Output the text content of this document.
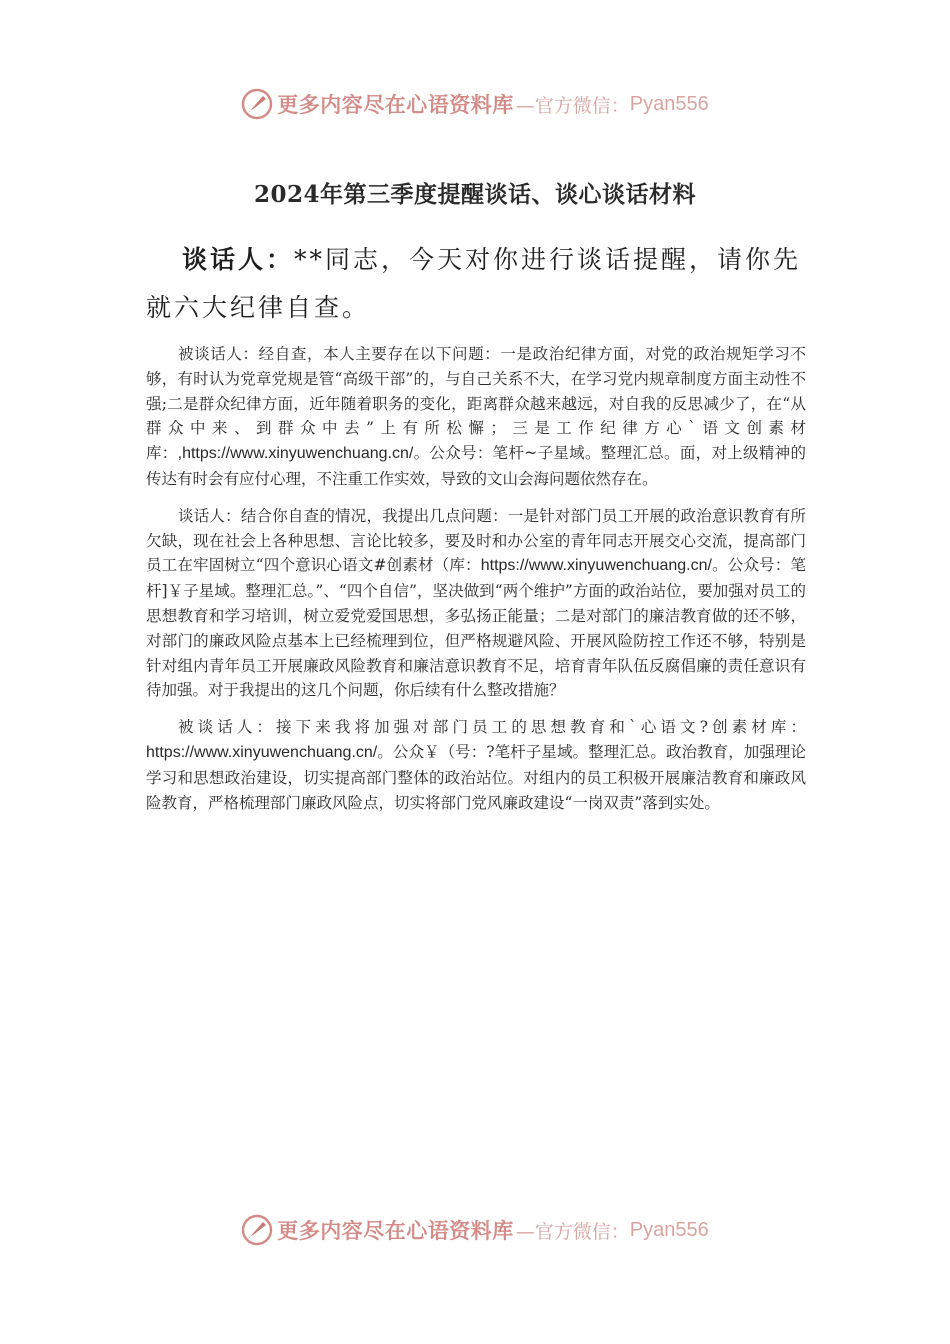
更多内容尽在心语资料库 —官方微信： Pyan556
2024年第三季度提醒谈话、谈心谈话材料
谈话人：**同志，今天对你进行谈话提醒，请你先就六大纪律自查。

被谈话人：经自查，本人主要存在以下问题：一是政治纪律方面，对党的政治规矩学习不够，有时认为党章党规是管“高级干部”的，与自己关系不大，在学习党内规章制度方面主动性不强;二是群众纪律方面，近年随着职务的变化，距离群众越来越远，对自我的反思减少了，在“从群众中来、到群众中去”上有所松懈；三是工作纪律方心`语文创素材库：,https://www.xinyuwenchuang.cn/。公众号：笔杆~子星域。整理汇总。面，对上级精神的传达有时会有应付心理，不注重工作实效，导致的文山会海问题依然存在。

谈话人：结合你自查的情况，我提出几点问题：一是针对部门员工开展的政治意识教育有所欠缺，现在社会上各种思想、言论比较多，要及时和办公室的青年同志开展交心交流，提高部门员工在牢固树立“四个意识心语文#创素材（库：https://www.xinyuwenchuang.cn/。公众号：笔杆]￥子星域。整理汇总。”、“四个自信”，坚决做到“两个维护”方面的政治站位，要加强对员工的思想教育和学习培训，树立爱党爱国思想，多弘扬正能量；二是对部门的廉洁教育做的还不够，对部门的廉政风险点基本上已经梳理到位，但严格规避风险、开展风险防控工作还不够，特别是针对组内青年员工开展廉政风险教育和廉洁意识教育不足，培育青年队伍反腐倡廉的责任意识有待加强。对于我提出的这几个问题，你后续有什么整改措施？

被谈话人：接下来我将加强对部门员工的思想教育和`心语文?创素材库：https://www.xinyuwenchuang.cn/。公众￥（号：?笔杆子星域。整理汇总。政治教育，加强理论学习和思想政治建设，切实提高部门整体的政治站位。对组内的员工积极开展廉洁教育和廉政风险教育，严格梳理部门廉政风险点，切实将部门党风廉政建设“一岗双责”落到实处。

更多内容尽在心语资料库 —官方微信： Pyan556
